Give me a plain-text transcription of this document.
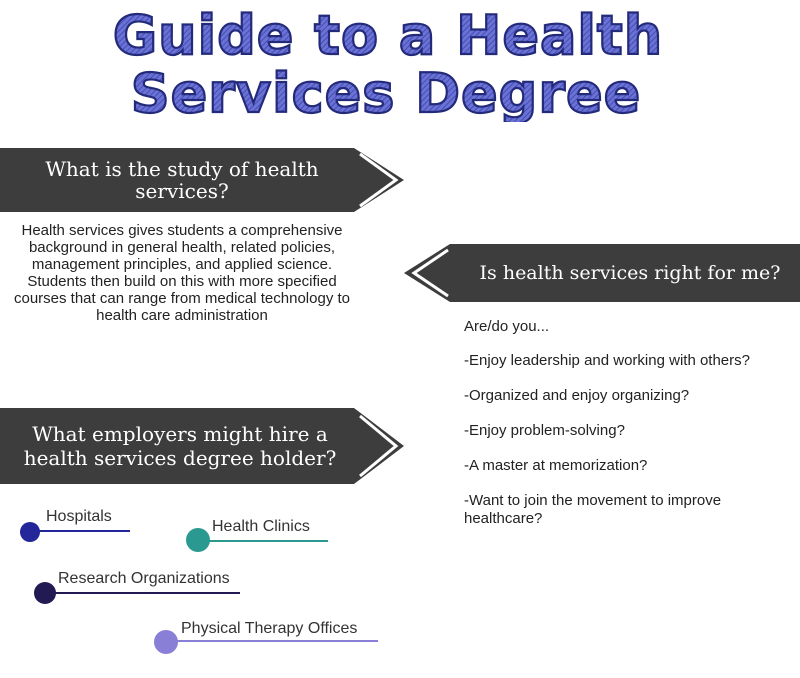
Guide to a Health
Services Degree
What is the study of health services?
Health services gives students a comprehensive background in general health, related policies, management principles, and applied science. Students then build on this with more specified courses that can range from medical technology to health care administration
Is health services right for me?
Are/do you...
-Enjoy leadership and working with others?
-Organized and enjoy organizing?
-Enjoy problem-solving?
-A master at memorization?
-Want to join the movement to improve healthcare?
What employers might hire a health services degree holder?
Hospitals
Health Clinics
Research Organizations
Physical Therapy Offices
